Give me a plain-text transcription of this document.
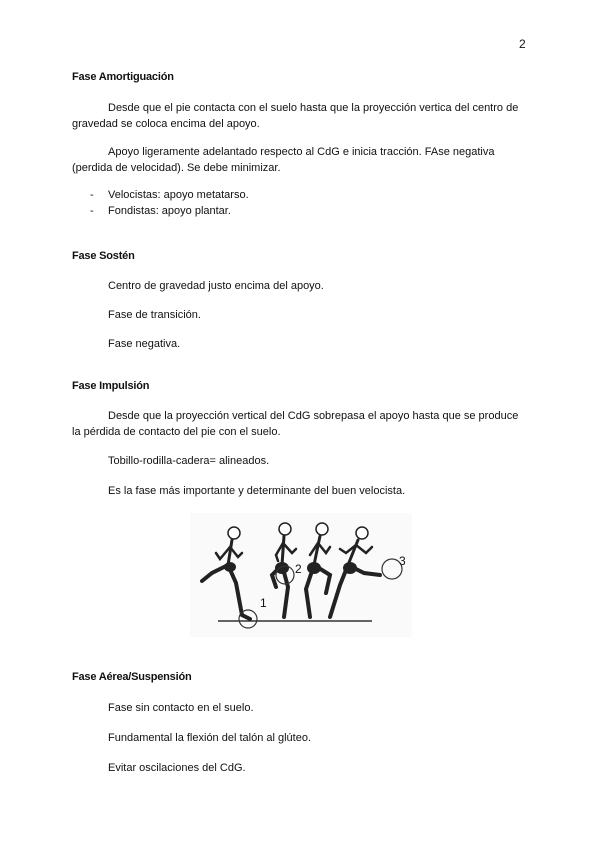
2
Fase Amortiguación
Desde que el pie contacta con el suelo hasta que la proyección vertica del centro de gravedad se coloca encima del apoyo.
Apoyo ligeramente adelantado respecto al CdG e inicia tracción. FAse negativa (perdida de velocidad). Se debe minimizar.
- Velocistas: apoyo metatarso.
- Fondistas: apoyo plantar.
Fase Sostén
Centro de gravedad justo encima del apoyo.
Fase de transición.
Fase negativa.
Fase Impulsión
Desde que la proyección vertical del CdG sobrepasa el apoyo hasta que se produce la pérdida de contacto del pie con el suelo.
Tobillo-rodilla-cadera= alineados.
Es la fase más importante y determinante del buen velocista.
1
2
3
Fase Aérea/Suspensión
Fase sin contacto en el suelo.
Fundamental la flexión del talón al glúteo.
Evitar oscilaciones del CdG.
